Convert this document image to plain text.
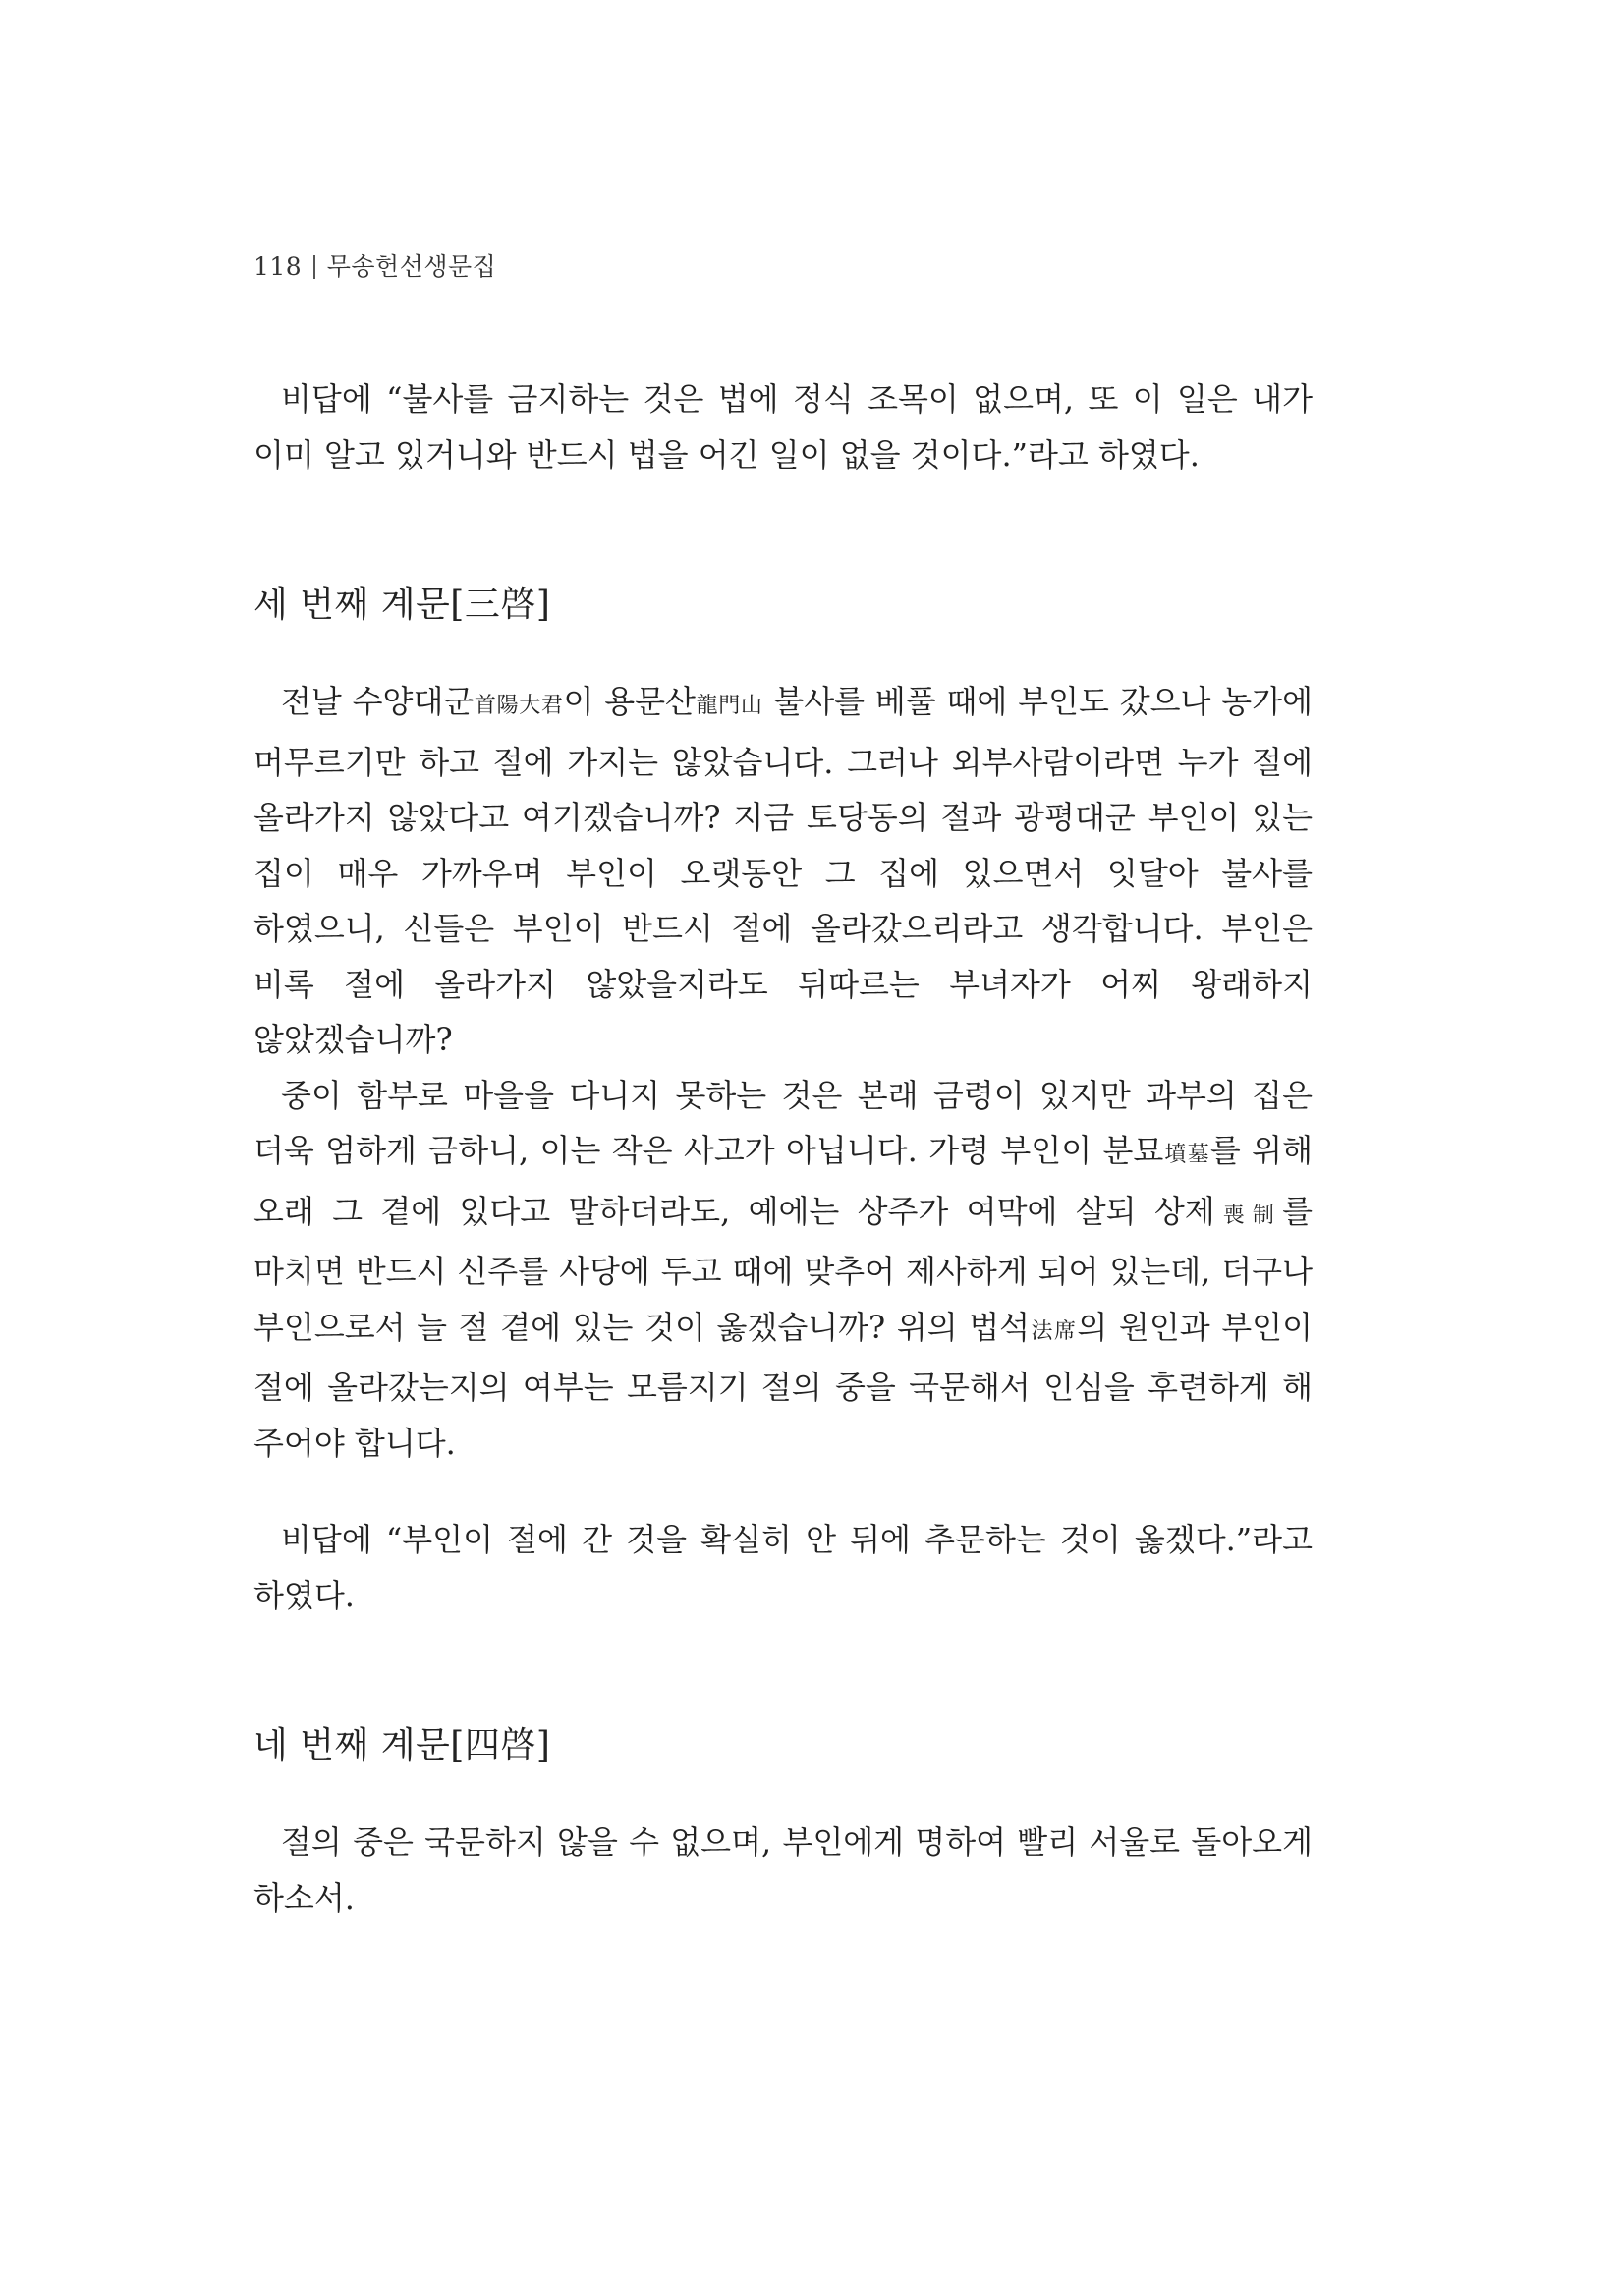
118 무송헌선생문집

비답에 “불사를 금지하는 것은 법에 정식 조목이 없으며, 또 이 일은 내가 이미 알고 있거니와 반드시 법을 어긴 일이 없을 것이다.”라고 하였다.

세 번째 계문[三啓]

전날 수양대군首陽大君이 용문산龍門山 불사를 베풀 때에 부인도 갔으나 농가에 머무르기만 하고 절에 가지는 않았습니다. 그러나 외부사람이라면 누가 절에 올라가지 않았다고 여기겠습니까? 지금 토당동의 절과 광평대군 부인이 있는 집이 매우 가까우며 부인이 오랫동안 그 집에 있으면서 잇달아 불사를 하였으니, 신들은 부인이 반드시 절에 올라갔으리라고 생각합니다. 부인은 비록 절에 올라가지 않았을지라도 뒤따르는 부녀자가 어찌 왕래하지 않았겠습니까?

중이 함부로 마을을 다니지 못하는 것은 본래 금령이 있지만 과부의 집은 더욱 엄하게 금하니, 이는 작은 사고가 아닙니다. 가령 부인이 분묘墳墓를 위해 오래 그 곁에 있다고 말하더라도, 예에는 상주가 여막에 살되 상제喪制를 마치면 반드시 신주를 사당에 두고 때에 맞추어 제사하게 되어 있는데, 더구나 부인으로서 늘 절 곁에 있는 것이 옳겠습니까? 위의 법석法席의 원인과 부인이 절에 올라갔는지의 여부는 모름지기 절의 중을 국문해서 인심을 후련하게 해 주어야 합니다.

비답에 “부인이 절에 간 것을 확실히 안 뒤에 추문하는 것이 옳겠다.”라고 하였다.

네 번째 계문[四啓]

절의 중은 국문하지 않을 수 없으며, 부인에게 명하여 빨리 서울로 돌아오게 하소서.
